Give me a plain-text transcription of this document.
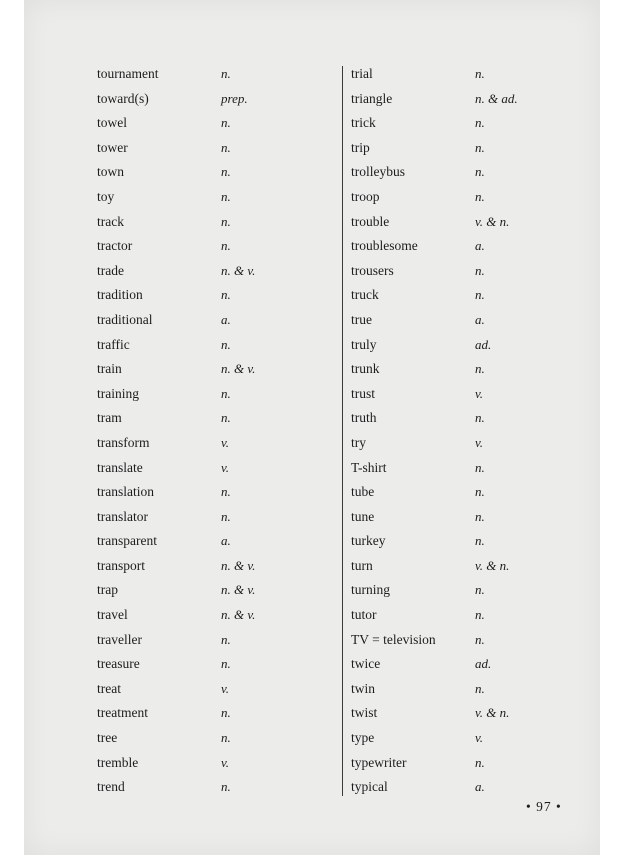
tournament	n.
toward(s)	prep.
towel	n.
tower	n.
town	n.
toy	n.
track	n.
tractor	n.
trade	n. & v.
tradition	n.
traditional	a.
traffic	n.
train	n. & v.
training	n.
tram	n.
transform	v.
translate	v.
translation	n.
translator	n.
transparent	a.
transport	n. & v.
trap	n. & v.
travel	n. & v.
traveller	n.
treasure	n.
treat	v.
treatment	n.
tree	n.
tremble	v.
trend	n.
trial	n.
triangle	n. & ad.
trick	n.
trip	n.
trolleybus	n.
troop	n.
trouble	v. & n.
troublesome	a.
trousers	n.
truck	n.
true	a.
truly	ad.
trunk	n.
trust	v.
truth	n.
try	v.
T-shirt	n.
tube	n.
tune	n.
turkey	n.
turn	v. & n.
turning	n.
tutor	n.
TV = television	n.
twice	ad.
twin	n.
twist	v. & n.
type	v.
typewriter	n.
typical	a.
• 97 •
